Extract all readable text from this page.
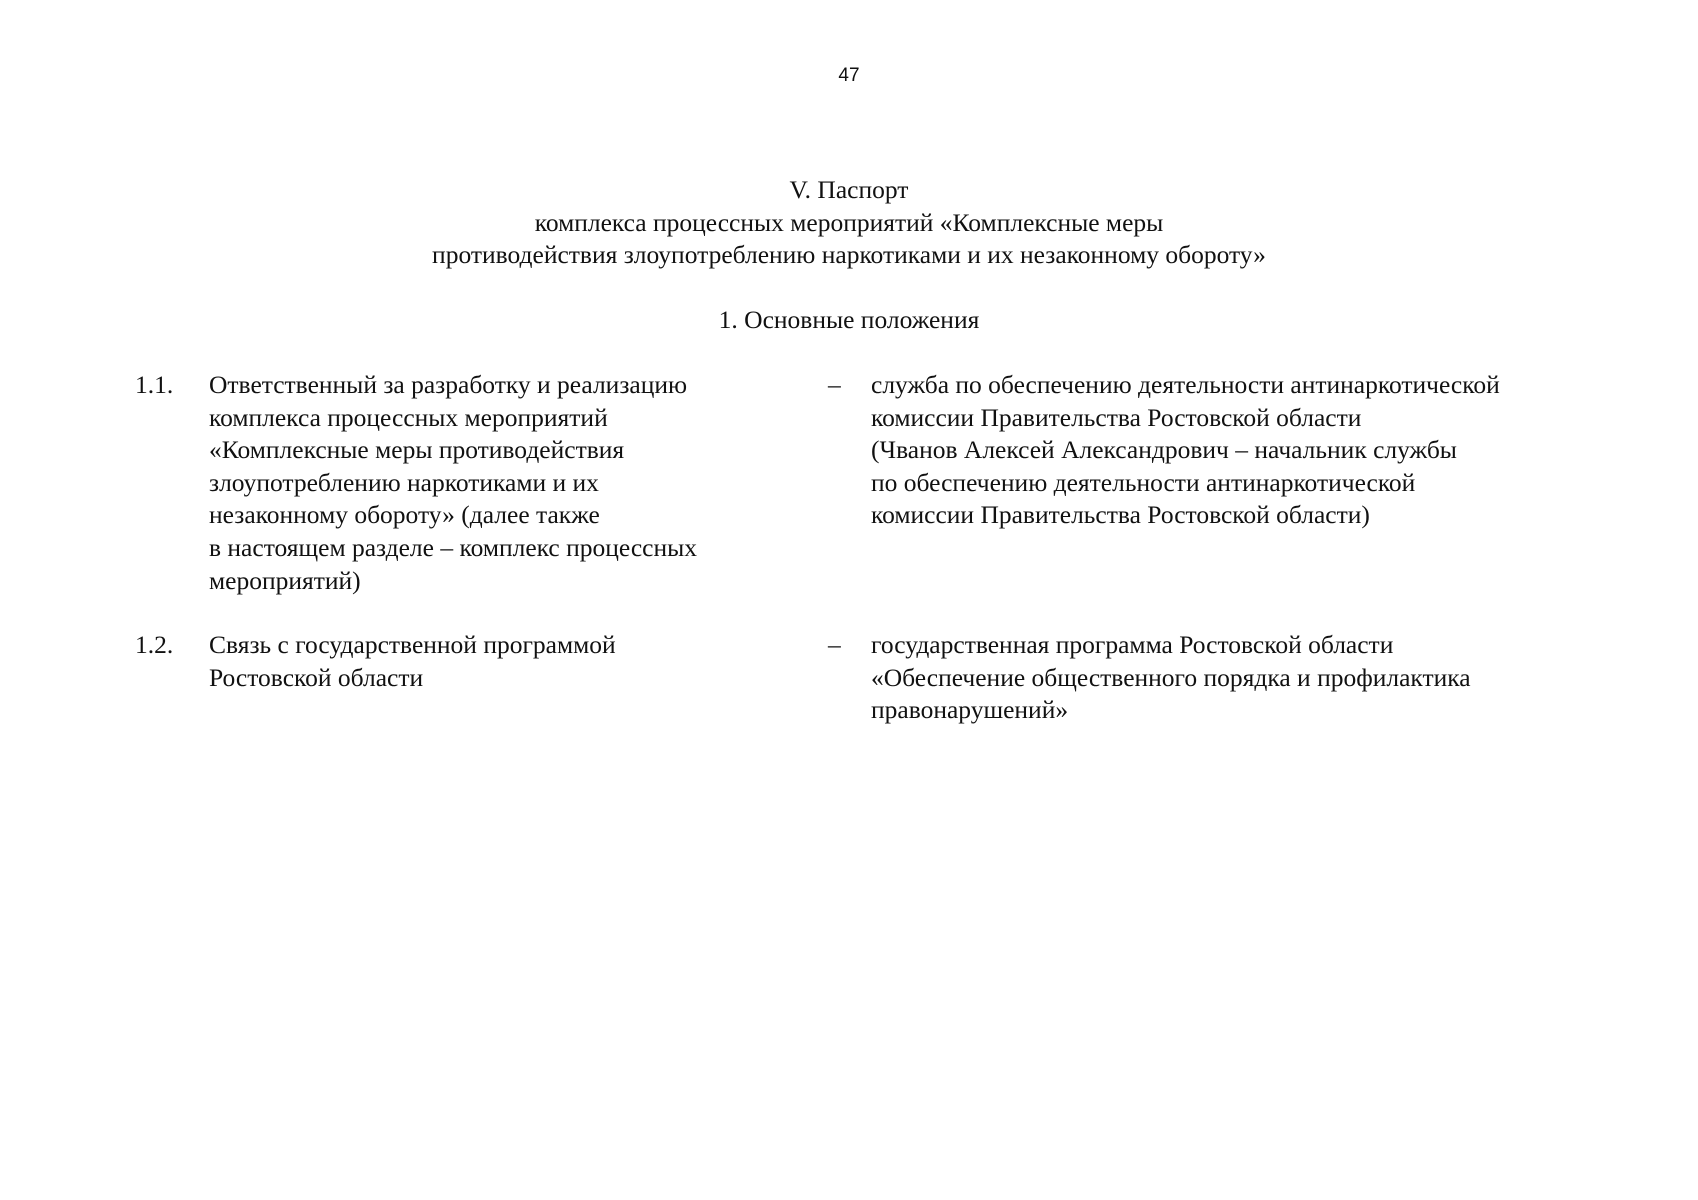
47
V. Паспорт
комплекса процессных мероприятий «Комплексные меры
противодействия злоупотреблению наркотиками и их незаконному обороту»
1. Основные положения
1.1.	Ответственный за разработку и реализацию
комплекса процессных мероприятий
«Комплексные меры противодействия
злоупотреблению наркотиками и их
незаконному обороту» (далее также
в настоящем разделе – комплекс процессных
мероприятий)
–	служба по обеспечению деятельности антинаркотической
комиссии Правительства Ростовской области
(Чванов Алексей Александрович – начальник службы
по обеспечению деятельности антинаркотической
комиссии Правительства Ростовской области)
1.2.	Связь с государственной программой
Ростовской области
–	государственная программа Ростовской области
«Обеспечение общественного порядка и профилактика
правонарушений»
